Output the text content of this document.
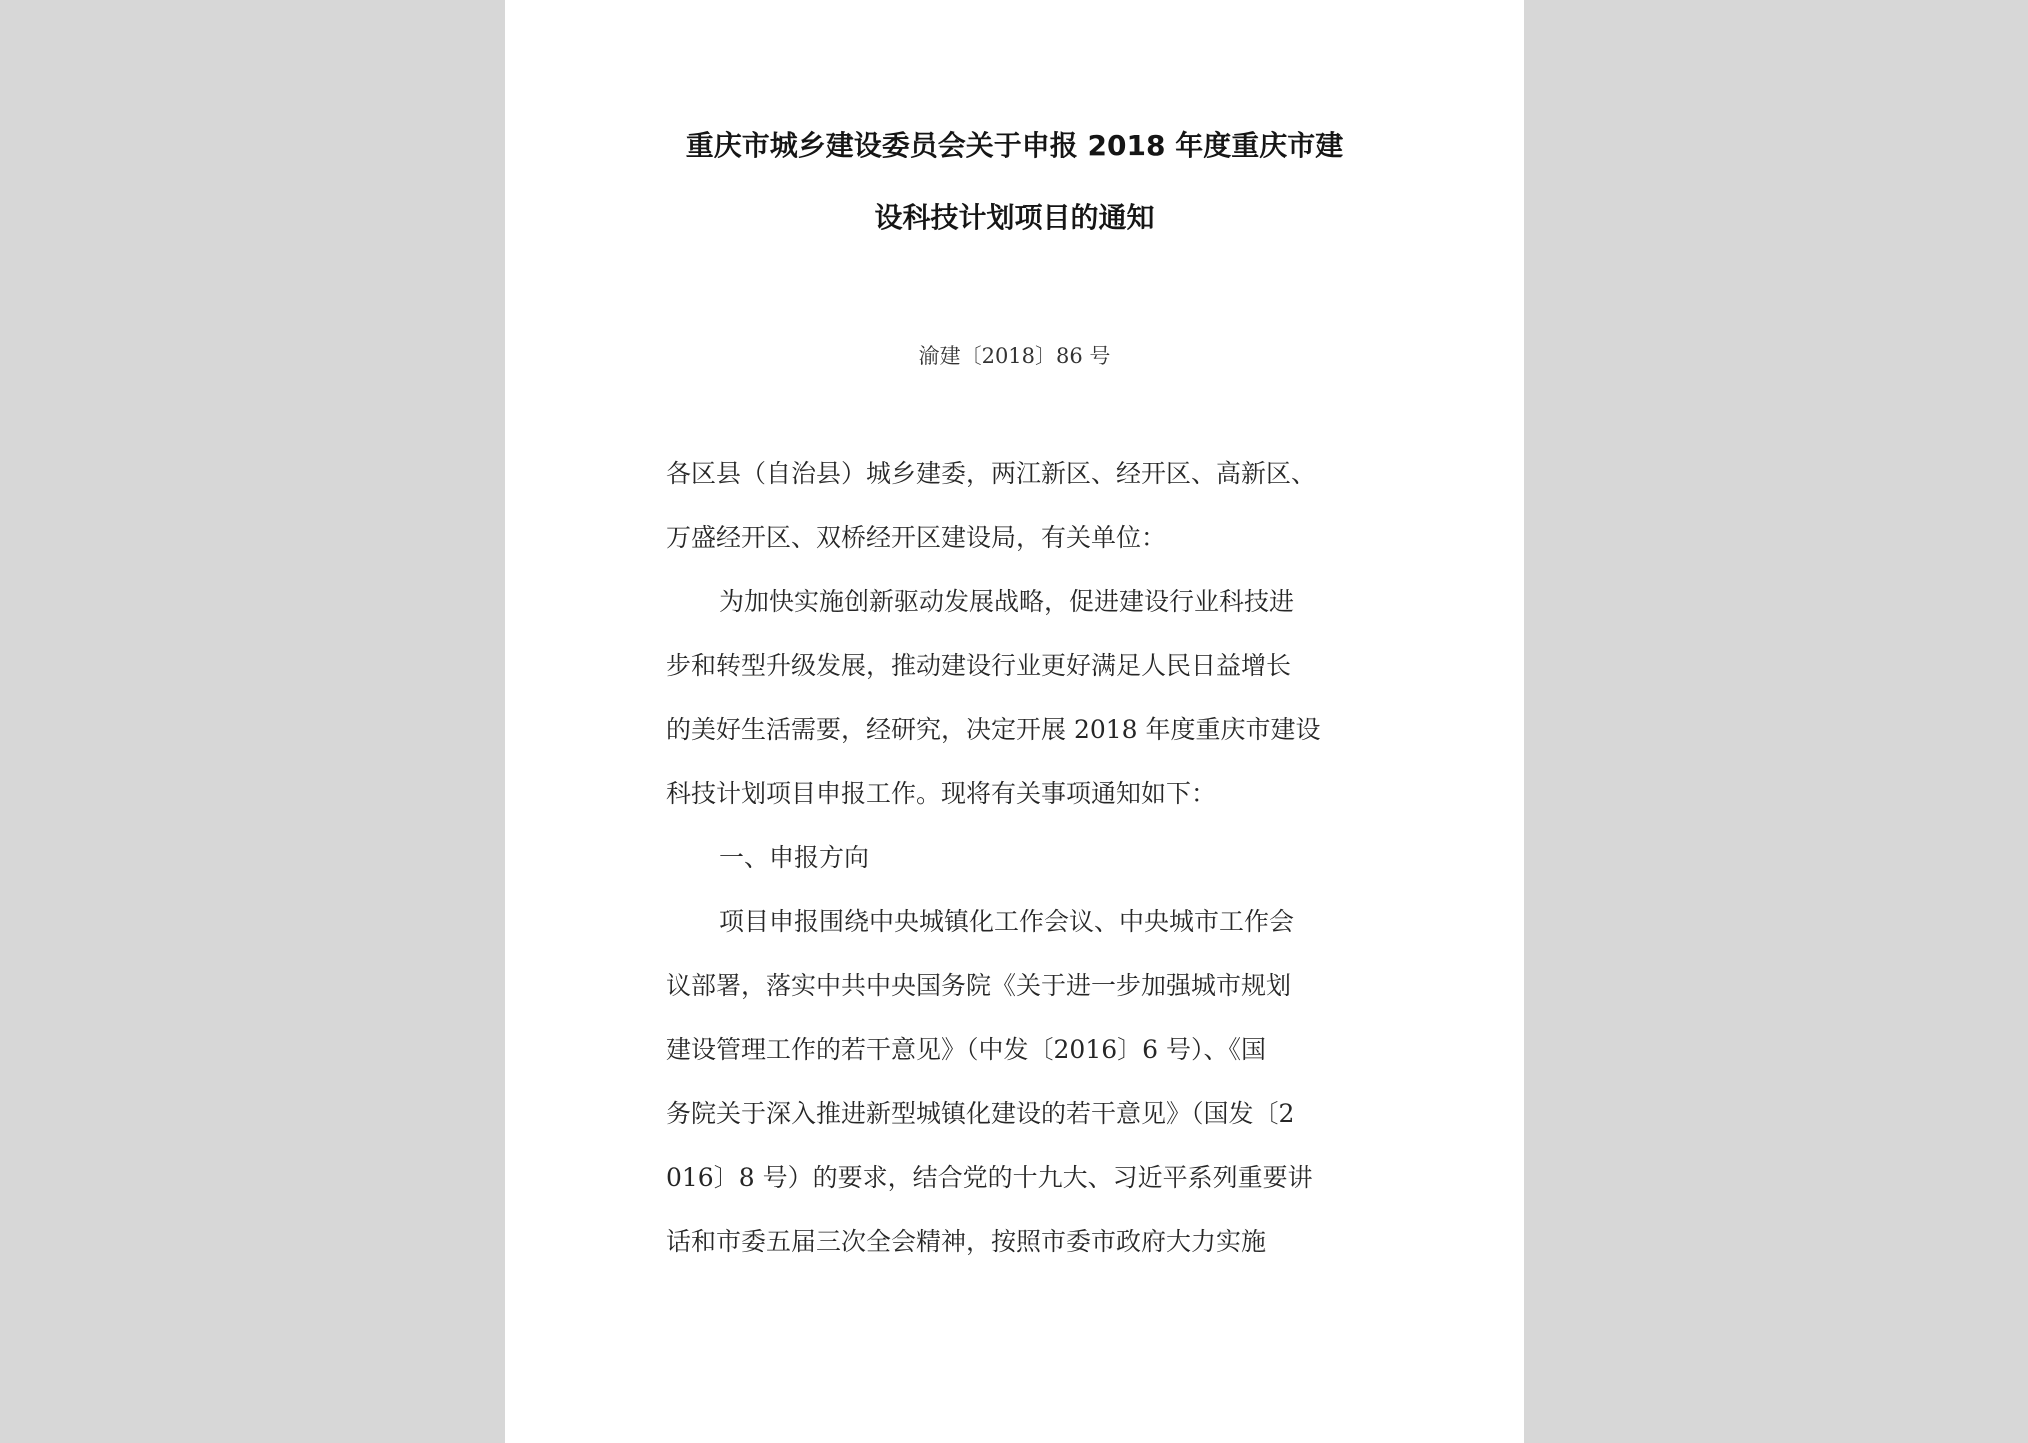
重庆市城乡建设委员会关于申报 2018 年度重庆市建
设科技计划项目的通知
渝建〔2018〕86 号
各区县（自治县）城乡建委，两江新区、经开区、高新区、
万盛经开区、双桥经开区建设局，有关单位：
为加快实施创新驱动发展战略，促进建设行业科技进
步和转型升级发展，推动建设行业更好满足人民日益增长
的美好生活需要，经研究，决定开展 2018 年度重庆市建设
科技计划项目申报工作。现将有关事项通知如下：
一、申报方向
项目申报围绕中央城镇化工作会议、中央城市工作会
议部署，落实中共中央国务院《关于进一步加强城市规划
建设管理工作的若干意见》（中发〔2016〕6 号）、《国
务院关于深入推进新型城镇化建设的若干意见》（国发〔2
016〕8 号）的要求，结合党的十九大、习近平系列重要讲
话和市委五届三次全会精神，按照市委市政府大力实施
